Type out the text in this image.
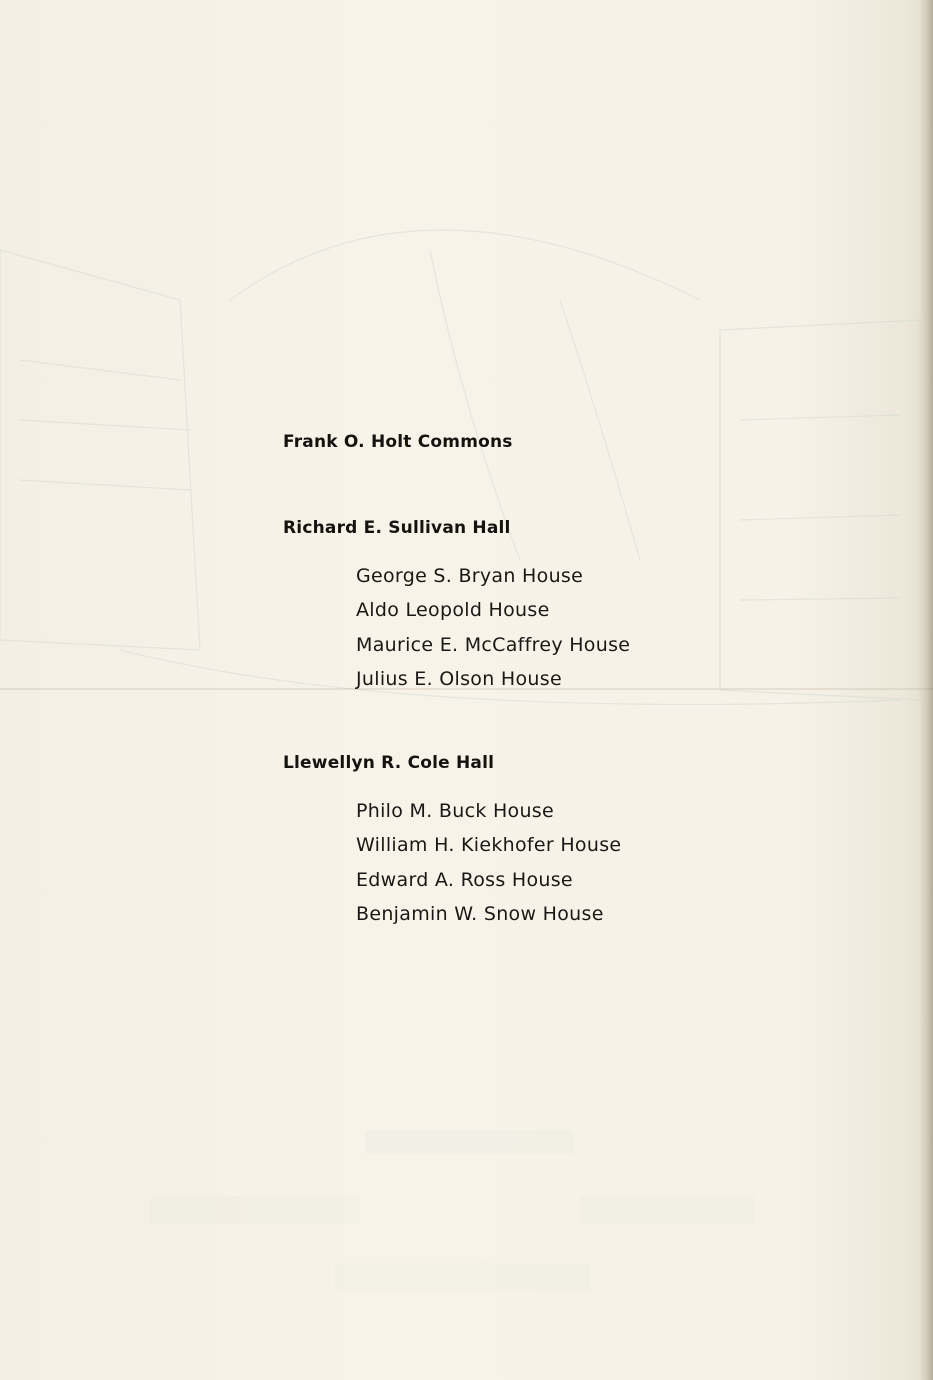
Frank O. Holt Commons
Richard E. Sullivan Hall
George S. Bryan House
Aldo Leopold House
Maurice E. McCaffrey House
Julius E. Olson House
Llewellyn R. Cole Hall
Philo M. Buck House
William H. Kiekhofer House
Edward A. Ross House
Benjamin W. Snow House
